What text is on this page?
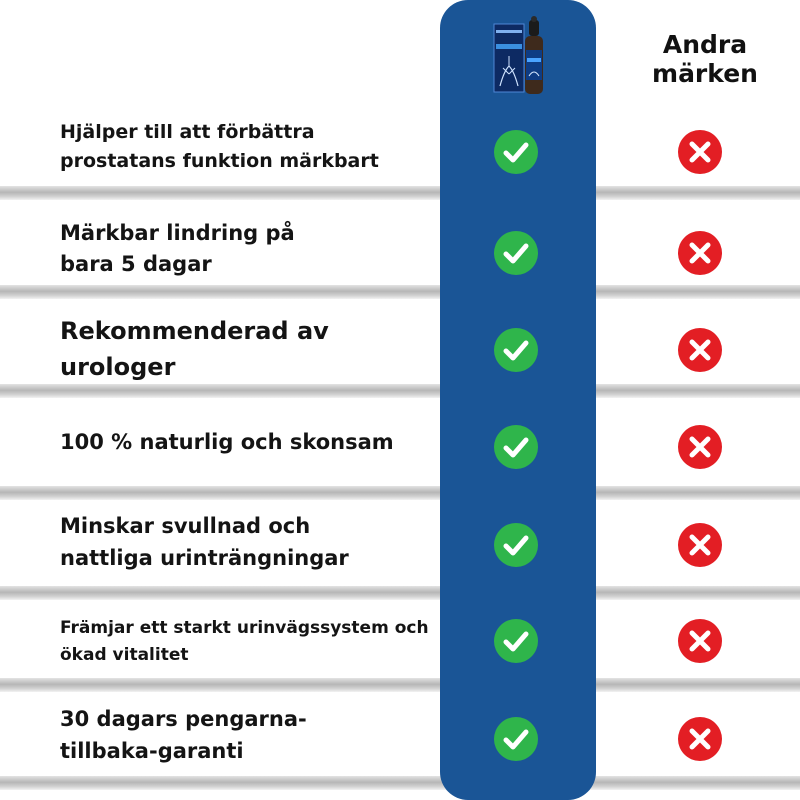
Andra märken
Hjälper till att förbättra prostatans funktion märkbart
Märkbar lindring på bara 5 dagar
Rekommenderad av urologer
100 % naturlig och skonsam
Minskar svullnad och nattliga urinträngningar
Främjar ett starkt urinvägssystem och ökad vitalitet
30 dagars pengarna-tillbaka-garanti
